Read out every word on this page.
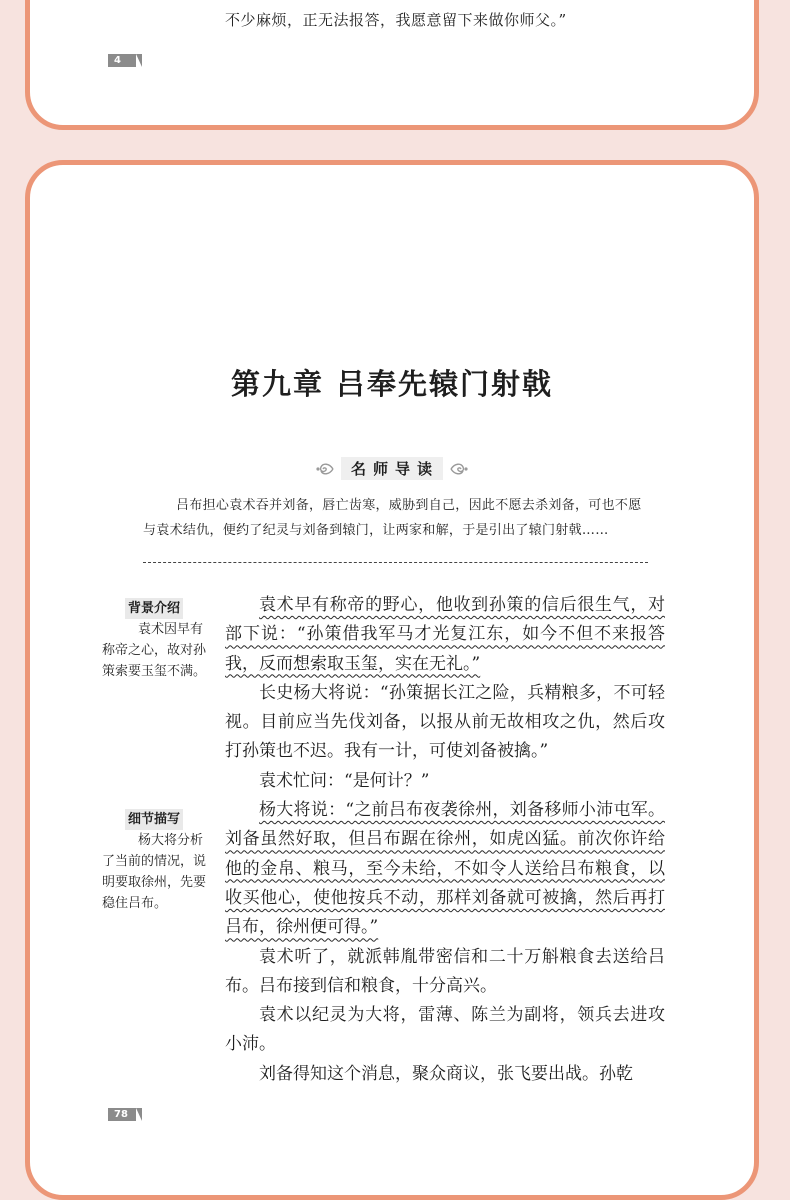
不少麻烦，正无法报答，我愿意留下来做你师父。”
4
第九章 吕奉先辕门射戟
名师导读
吕布担心袁术吞并刘备，唇亡齿寒，威胁到自己，因此不愿去杀刘备，可也不愿与袁术结仇，便约了纪灵与刘备到辕门，让两家和解，于是引出了辕门射戟……
背景介绍

袁术因早有称帝之心，故对孙策索要玉玺不满。

细节描写

杨大将分析了当前的情况，说明要取徐州，先要稳住吕布。

袁术早有称帝的野心，他收到孙策的信后很生气，对部下说：“孙策借我军马才光复江东，如今不但不来报答我，反而想索取玉玺，实在无礼。”

长史杨大将说：“孙策据长江之险，兵精粮多，不可轻视。目前应当先伐刘备，以报从前无故相攻之仇，然后攻打孙策也不迟。我有一计，可使刘备被擒。”

袁术忙问：“是何计？”

杨大将说：“之前吕布夜袭徐州，刘备移师小沛屯军。刘备虽然好取，但吕布踞在徐州，如虎凶猛。前次你许给他的金帛、粮马，至今未给，不如令人送给吕布粮食，以收买他心，使他按兵不动，那样刘备就可被擒，然后再打吕布，徐州便可得。”

袁术听了，就派韩胤带密信和二十万斛粮食去送给吕布。吕布接到信和粮食，十分高兴。

袁术以纪灵为大将，雷薄、陈兰为副将，领兵去进攻小沛。

刘备得知这个消息，聚众商议，张飞要出战。孙乾

78
